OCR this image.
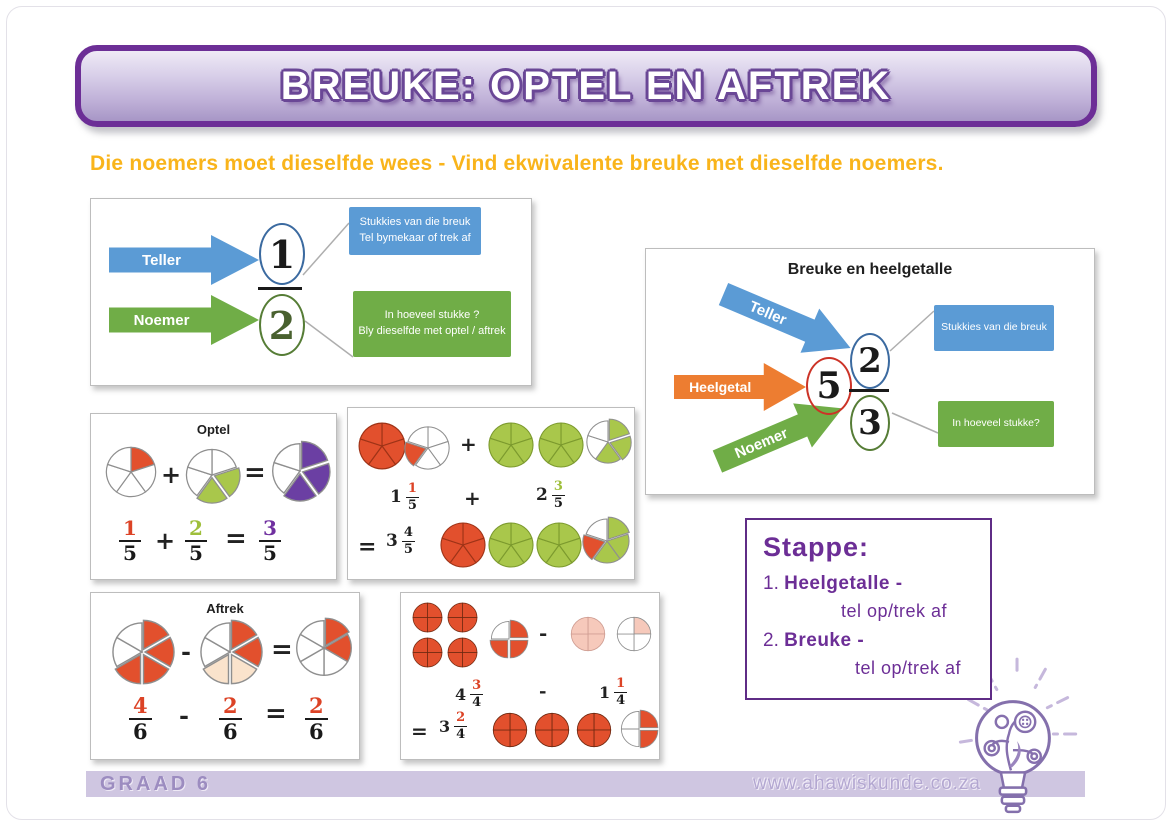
BREUKE: OPTEL EN AFTREK
Die noemers moet dieselfde wees - Vind ekwivalente breuke met dieselfde noemers.
Teller
Noemer
1
2
Stukkies van die breuk
Tel bymekaar of trek af
In hoeveel stukke ?
Bly dieselfde met optel / aftrek
Breuke en heelgetalle
Teller
Heelgetal
Noemer
5
2
3
Stukkies van die breuk
In hoeveel stukke?
Optel
+ =
$\frac{1}{5} + \frac{2}{5} = \frac{3}{5}$
+
$1 \frac{1}{5}$ +	$2 \frac{3}{5}$
= $3 \frac{4}{5}$
Aftrek
-	=
$\frac{4}{6} - \frac{2}{6} = \frac{2}{6}$
-
$4 \frac{3}{4}$	-	$1 \frac{1}{4}$
= $3 \frac{2}{4}$
Stappe:
1. Heelgetalle -
tel op/trek af
2. Breuke -
tel op/trek af
GRAAD 6	www.ahawiskunde.co.za
